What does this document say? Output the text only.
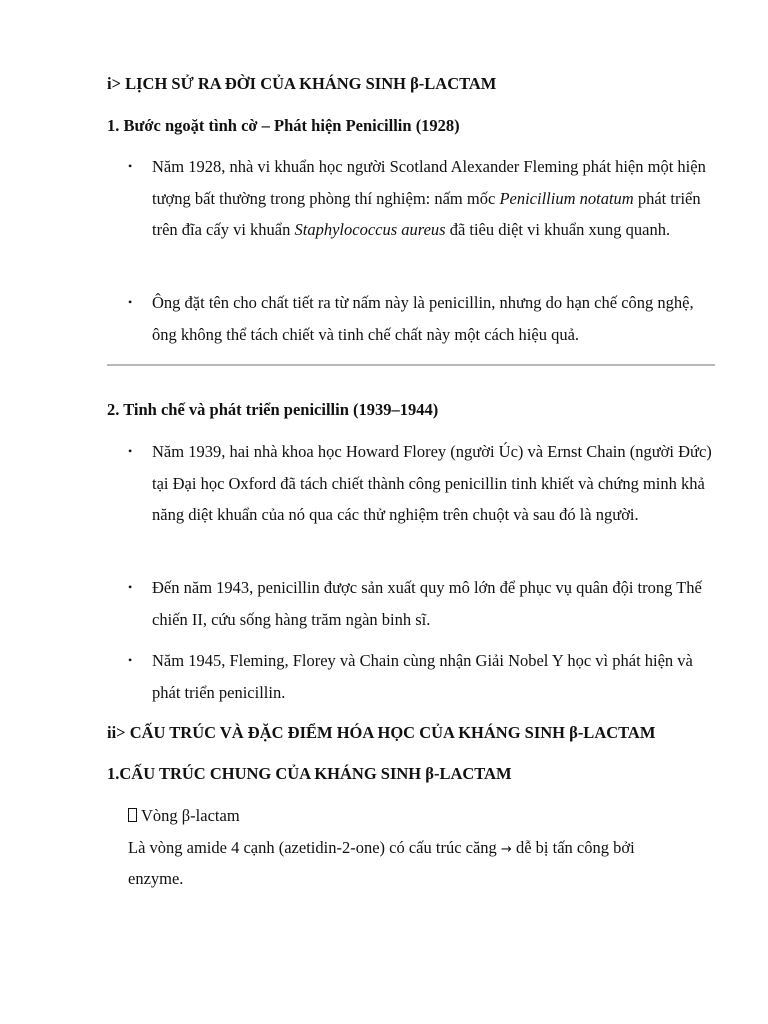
i> LỊCH SỬ RA ĐỜI CỦA KHÁNG SINH β-LACTAM
1. Bước ngoặt tình cờ – Phát hiện Penicillin (1928)
• Năm 1928, nhà vi khuẩn học người Scotland Alexander Fleming phát hiện một hiện tượng bất thường trong phòng thí nghiệm: nấm mốc Penicillium notatum phát triển trên đĩa cấy vi khuẩn Staphylococcus aureus đã tiêu diệt vi khuẩn xung quanh.
• Ông đặt tên cho chất tiết ra từ nấm này là penicillin, nhưng do hạn chế công nghệ, ông không thể tách chiết và tinh chế chất này một cách hiệu quả.
2. Tinh chế và phát triển penicillin (1939–1944)
• Năm 1939, hai nhà khoa học Howard Florey (người Úc) và Ernst Chain (người Đức) tại Đại học Oxford đã tách chiết thành công penicillin tinh khiết và chứng minh khả năng diệt khuẩn của nó qua các thử nghiệm trên chuột và sau đó là người.
• Đến năm 1943, penicillin được sản xuất quy mô lớn để phục vụ quân đội trong Thế chiến II, cứu sống hàng trăm ngàn binh sĩ.
• Năm 1945, Fleming, Florey và Chain cùng nhận Giải Nobel Y học vì phát hiện và phát triển penicillin.
ii> CẤU TRÚC VÀ ĐẶC ĐIỂM HÓA HỌC CỦA KHÁNG SINH β-LACTAM
1.CẤU TRÚC CHUNG CỦA KHÁNG SINH β-LACTAM
Vòng β-lactam
Là vòng amide 4 cạnh (azetidin-2-one) có cấu trúc căng → dễ bị tấn công bởi
enzyme.
